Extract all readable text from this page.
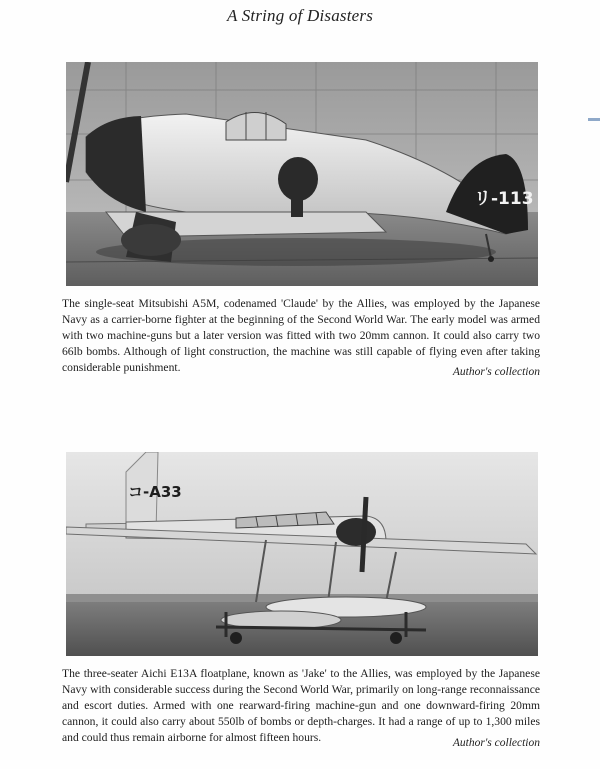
A String of Disasters
リ-113
The single-seat Mitsubishi A5M, codenamed 'Claude' by the Allies, was employed by the Japanese Navy as a carrier-borne fighter at the beginning of the Second World War. The early model was armed with two machine-guns but a later version was fitted with two 20mm cannon. It could also carry two 66lb bombs. Although of light construction, the machine was still capable of flying even after taking considerable punishment.	Author's collection
コ-A33
The three-seater Aichi E13A floatplane, known as 'Jake' to the Allies, was employed by the Japanese Navy with considerable success during the Second World War, primarily on long-range reconnaissance and escort duties. Armed with one rearward-firing machine-gun and one downward-firing 20mm cannon, it could also carry about 550lb of bombs or depth-charges. It had a range of up to 1,300 miles and could thus remain airborne for almost fifteen hours.	Author's collection
